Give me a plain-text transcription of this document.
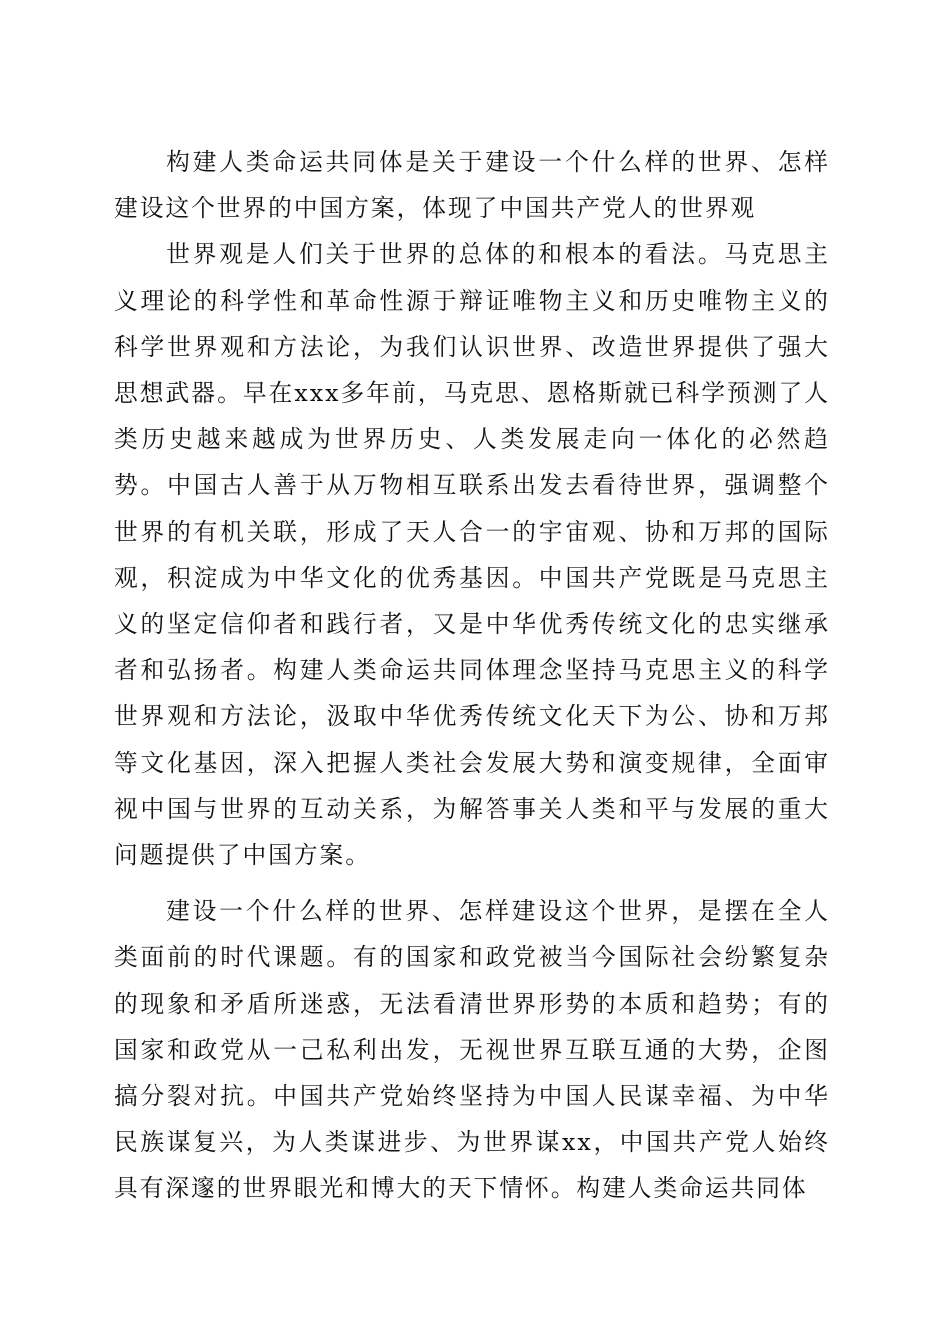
构建人类命运共同体是关于建设一个什么样的世界、怎样建设这个世界的中国方案，体现了中国共产党人的世界观

世界观是人们关于世界的总体的和根本的看法。马克思主义理论的科学性和革命性源于辩证唯物主义和历史唯物主义的科学世界观和方法论，为我们认识世界、改造世界提供了强大思想武器。早在xxx多年前，马克思、恩格斯就已科学预测了人类历史越来越成为世界历史、人类发展走向一体化的必然趋势。中国古人善于从万物相互联系出发去看待世界，强调整个世界的有机关联，形成了天人合一的宇宙观、协和万邦的国际观，积淀成为中华文化的优秀基因。中国共产党既是马克思主义的坚定信仰者和践行者，又是中华优秀传统文化的忠实继承者和弘扬者。构建人类命运共同体理念坚持马克思主义的科学世界观和方法论，汲取中华优秀传统文化天下为公、协和万邦等文化基因，深入把握人类社会发展大势和演变规律，全面审视中国与世界的互动关系，为解答事关人类和平与发展的重大问题提供了中国方案。

建设一个什么样的世界、怎样建设这个世界，是摆在全人类面前的时代课题。有的国家和政党被当今国际社会纷繁复杂的现象和矛盾所迷惑，无法看清世界形势的本质和趋势；有的国家和政党从一己私利出发，无视世界互联互通的大势，企图搞分裂对抗。中国共产党始终坚持为中国人民谋幸福、为中华民族谋复兴，为人类谋进步、为世界谋xx，中国共产党人始终具有深邃的世界眼光和博大的天下情怀。构建人类命运共同体
